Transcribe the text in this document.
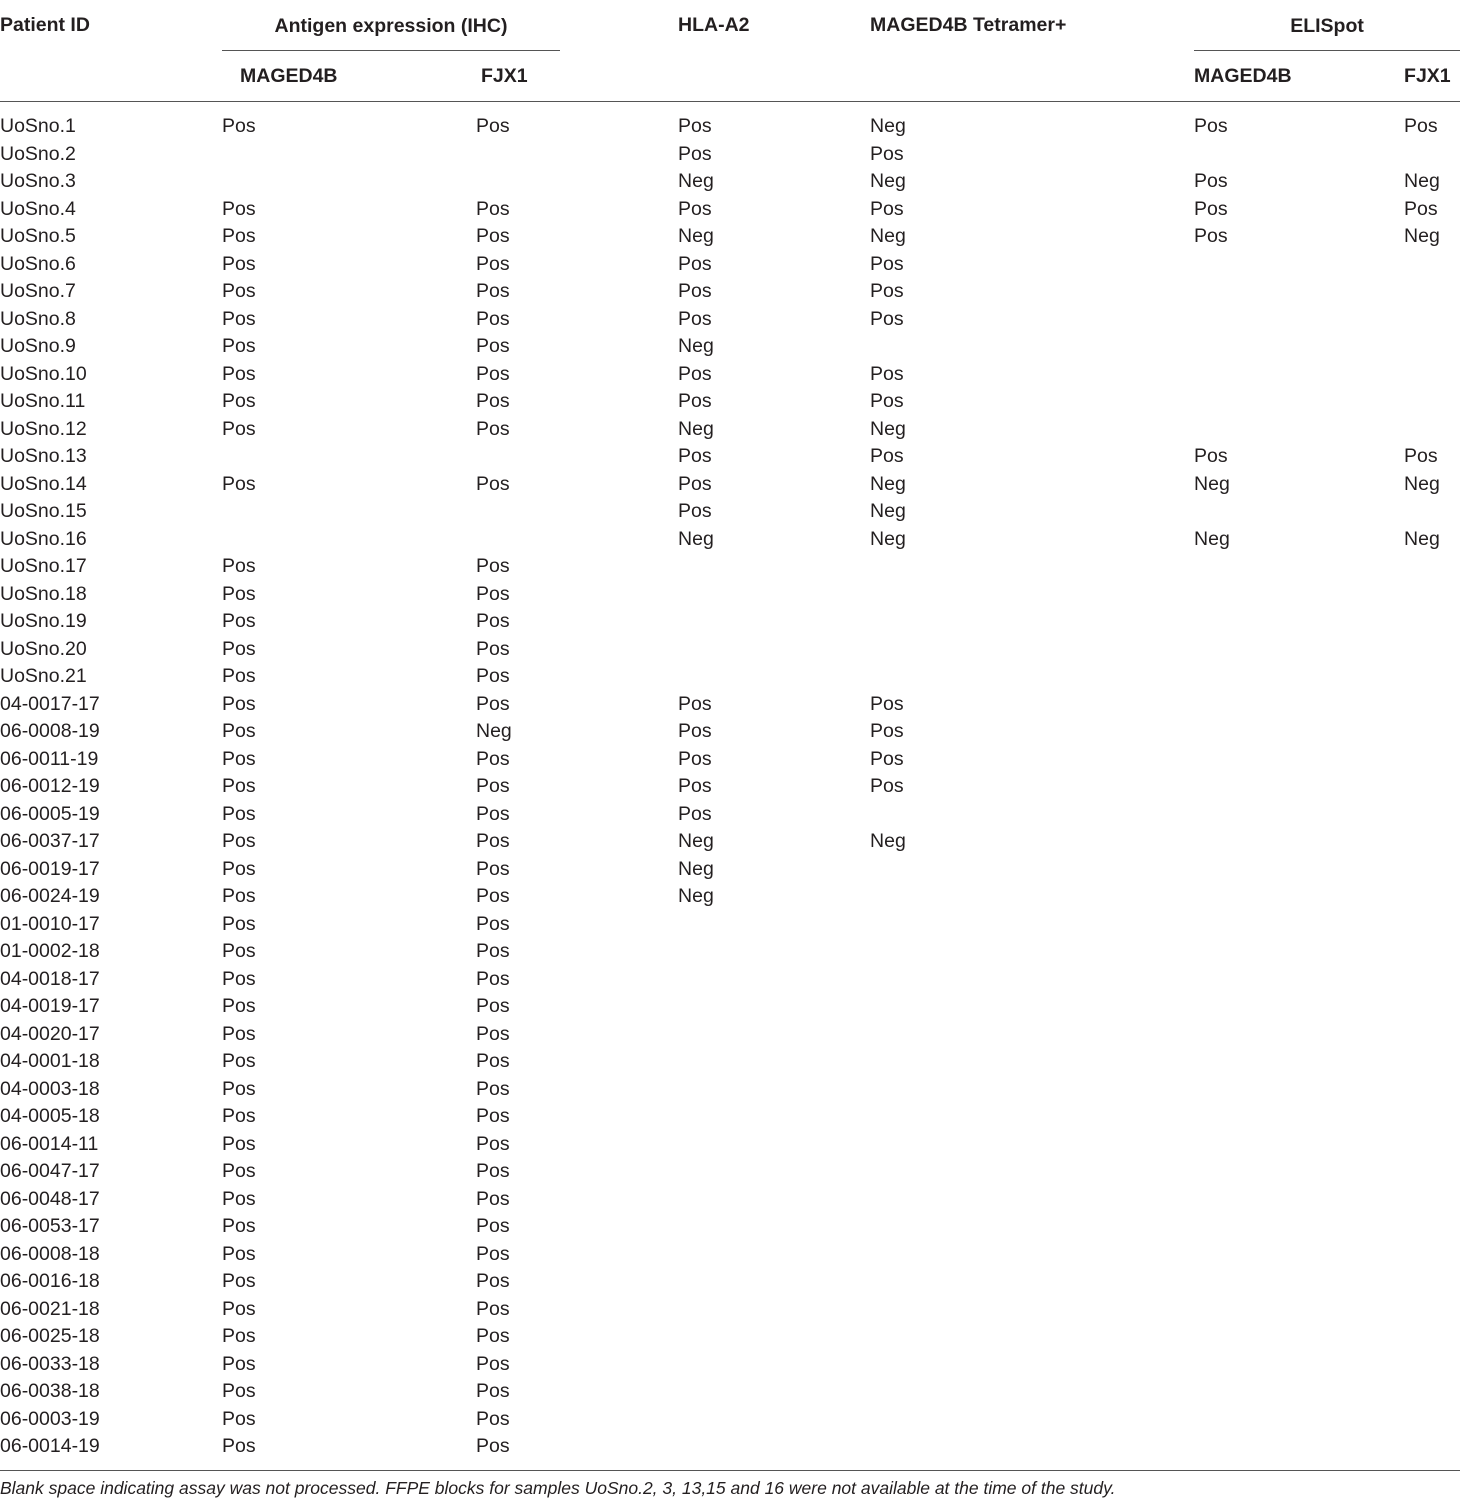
Patient ID	Antigen expression (IHC)			HLA-A2	MAGED4B Tetramer+	ELISpot	

	MAGED4B	FJX1				MAGED4B	FJX1
UoSno.1	Pos	Pos		Pos	Neg	Pos	Pos
UoSno.2				Pos	Pos		
UoSno.3				Neg	Neg	Pos	Neg
UoSno.4	Pos	Pos		Pos	Pos	Pos	Pos
UoSno.5	Pos	Pos		Neg	Neg	Pos	Neg
UoSno.6	Pos	Pos		Pos	Pos		
UoSno.7	Pos	Pos		Pos	Pos		
UoSno.8	Pos	Pos		Pos	Pos		
UoSno.9	Pos	Pos		Neg			
UoSno.10	Pos	Pos		Pos	Pos		
UoSno.11	Pos	Pos		Pos	Pos		
UoSno.12	Pos	Pos		Neg	Neg		
UoSno.13				Pos	Pos	Pos	Pos
UoSno.14	Pos	Pos		Pos	Neg	Neg	Neg
UoSno.15				Pos	Neg		
UoSno.16				Neg	Neg	Neg	Neg
UoSno.17	Pos	Pos					
UoSno.18	Pos	Pos					
UoSno.19	Pos	Pos					
UoSno.20	Pos	Pos					
UoSno.21	Pos	Pos					
04-0017-17	Pos	Pos		Pos	Pos		
06-0008-19	Pos	Neg		Pos	Pos		
06-0011-19	Pos	Pos		Pos	Pos		
06-0012-19	Pos	Pos		Pos	Pos		
06-0005-19	Pos	Pos		Pos			
06-0037-17	Pos	Pos		Neg	Neg		
06-0019-17	Pos	Pos		Neg			
06-0024-19	Pos	Pos		Neg			
01-0010-17	Pos	Pos					
01-0002-18	Pos	Pos					
04-0018-17	Pos	Pos					
04-0019-17	Pos	Pos					
04-0020-17	Pos	Pos					
04-0001-18	Pos	Pos					
04-0003-18	Pos	Pos					
04-0005-18	Pos	Pos					
06-0014-11	Pos	Pos					
06-0047-17	Pos	Pos					
06-0048-17	Pos	Pos					
06-0053-17	Pos	Pos					
06-0008-18	Pos	Pos					
06-0016-18	Pos	Pos					
06-0021-18	Pos	Pos					
06-0025-18	Pos	Pos					
06-0033-18	Pos	Pos					
06-0038-18	Pos	Pos					
06-0003-19	Pos	Pos					
06-0014-19	Pos	Pos					
Blank space indicating assay was not processed. FFPE blocks for samples UoSno.2, 3, 13,15 and 16 were not available at the time of the study.
